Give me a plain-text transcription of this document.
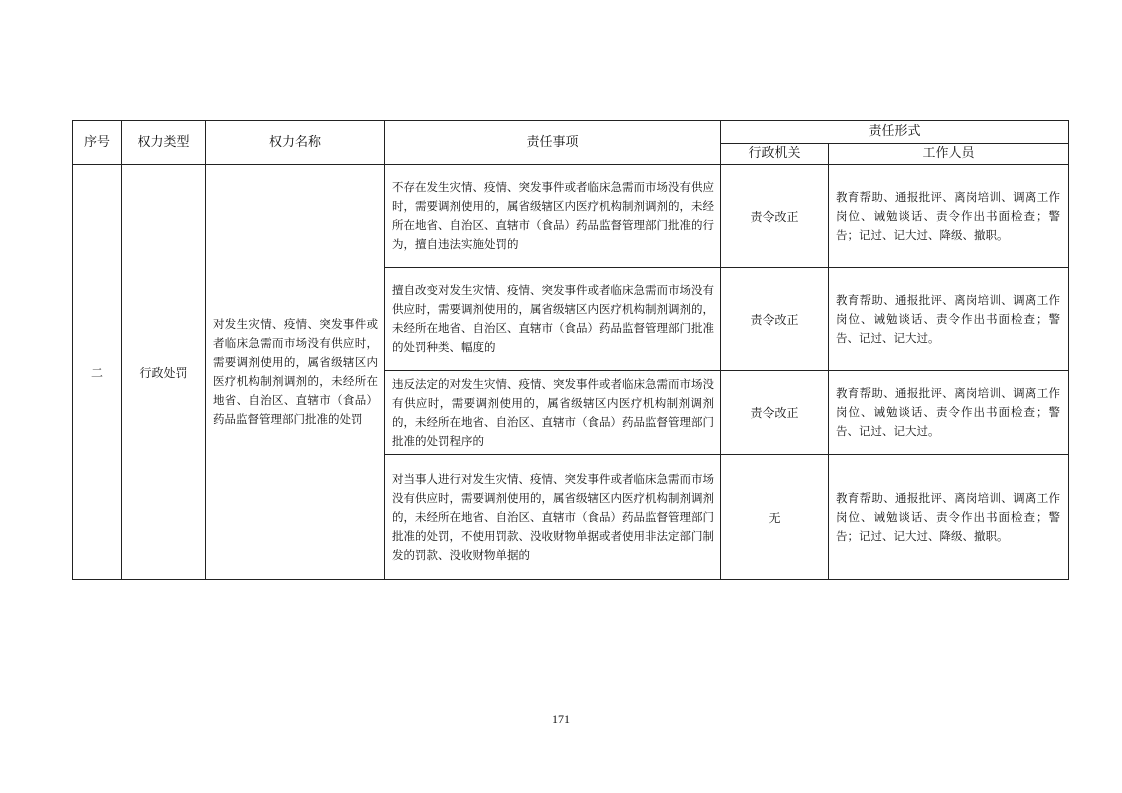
序号	权力类型	权力名称	责任事项	责任形式	
				行政机关	工作人员
二	行政处罚	对发生灾情、疫情、突发事件或者临床急需而市场没有供应时，需要调剂使用的，属省级辖区内医疗机构制剂调剂的，未经所在地省、自治区、直辖市（食品）药品监督管理部门批准的处罚	不存在发生灾情、疫情、突发事件或者临床急需而市场没有供应时，需要调剂使用的，属省级辖区内医疗机构制剂调剂的，未经所在地省、自治区、直辖市（食品）药品监督管理部门批准的行为，擅自违法实施处罚的	责令改正	教育帮助、通报批评、离岗培训、调离工作岗位、诫勉谈话、责令作出书面检查；警告；记过、记大过、降级、撤职。
			擅自改变对发生灾情、疫情、突发事件或者临床急需而市场没有供应时，需要调剂使用的，属省级辖区内医疗机构制剂调剂的，未经所在地省、自治区、直辖市（食品）药品监督管理部门批准的处罚种类、幅度的	责令改正	教育帮助、通报批评、离岗培训、调离工作岗位、诫勉谈话、责令作出书面检查；警告、记过、记大过。
			违反法定的对发生灾情、疫情、突发事件或者临床急需而市场没有供应时，需要调剂使用的，属省级辖区内医疗机构制剂调剂的，未经所在地省、自治区、直辖市（食品）药品监督管理部门批准的处罚程序的	责令改正	教育帮助、通报批评、离岗培训、调离工作岗位、诫勉谈话、责令作出书面检查；警告、记过、记大过。
			对当事人进行对发生灾情、疫情、突发事件或者临床急需而市场没有供应时，需要调剂使用的，属省级辖区内医疗机构制剂调剂的，未经所在地省、自治区、直辖市（食品）药品监督管理部门批准的处罚，不使用罚款、没收财物单据或者使用非法定部门制发的罚款、没收财物单据的	无	教育帮助、通报批评、离岗培训、调离工作岗位、诫勉谈话、责令作出书面检查；警告；记过、记大过、降级、撤职。
171
